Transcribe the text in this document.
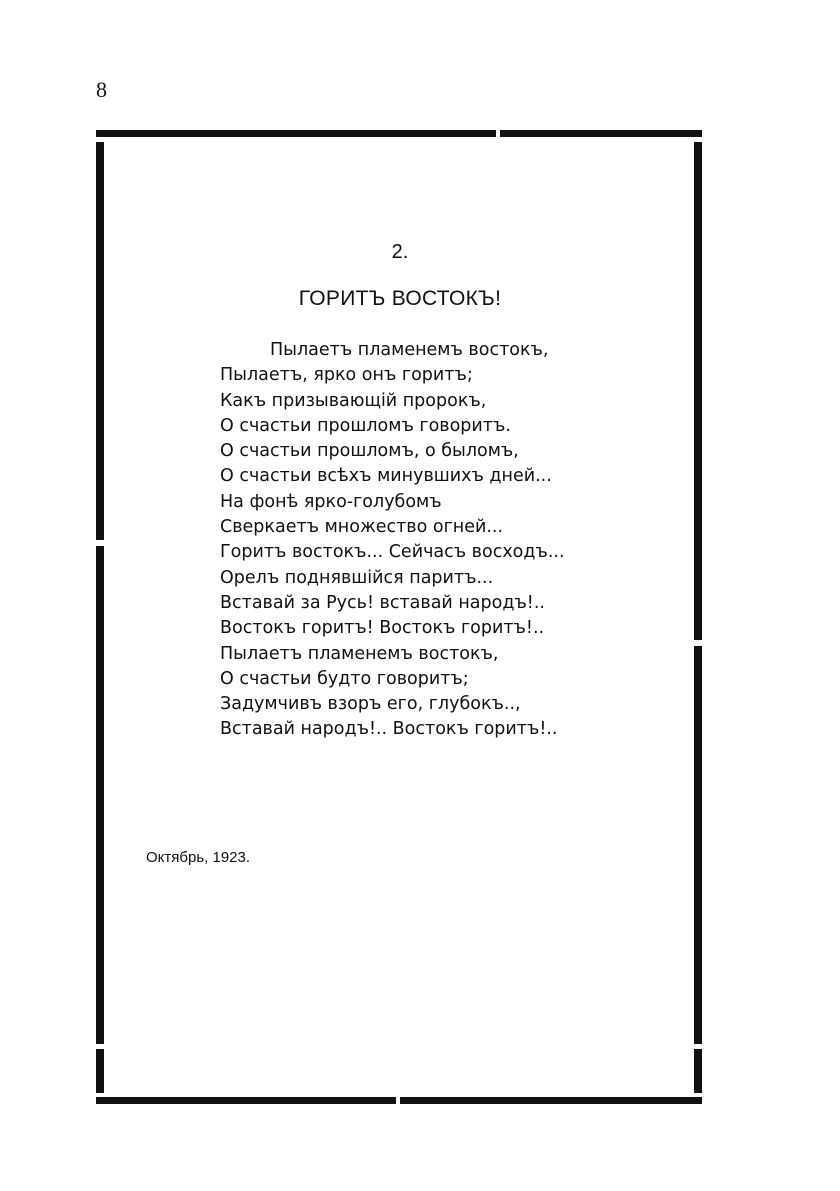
8
2.
ГОРИТЪ ВОСТОКЪ!
Пылаетъ пламенемъ востокъ,
Пылаетъ, ярко онъ горитъ;
Какъ призывающій пророкъ,
О счастьи прошломъ говоритъ.
О счастьи прошломъ, о быломъ,
О счастьи всѣхъ минувшихъ дней...
На фонѣ ярко-голубомъ
Сверкаетъ множество огней...
Горитъ востокъ... Сейчасъ восходъ...
Орелъ поднявшійся паритъ...
Вставай за Русь! вставай народъ!..
Востокъ горитъ! Востокъ горитъ!..
Пылаетъ пламенемъ востокъ,
О счастьи будто говоритъ;
Задумчивъ взоръ его, глубокъ..,
Вставай народъ!.. Востокъ горитъ!..
Октябрь, 1923.
